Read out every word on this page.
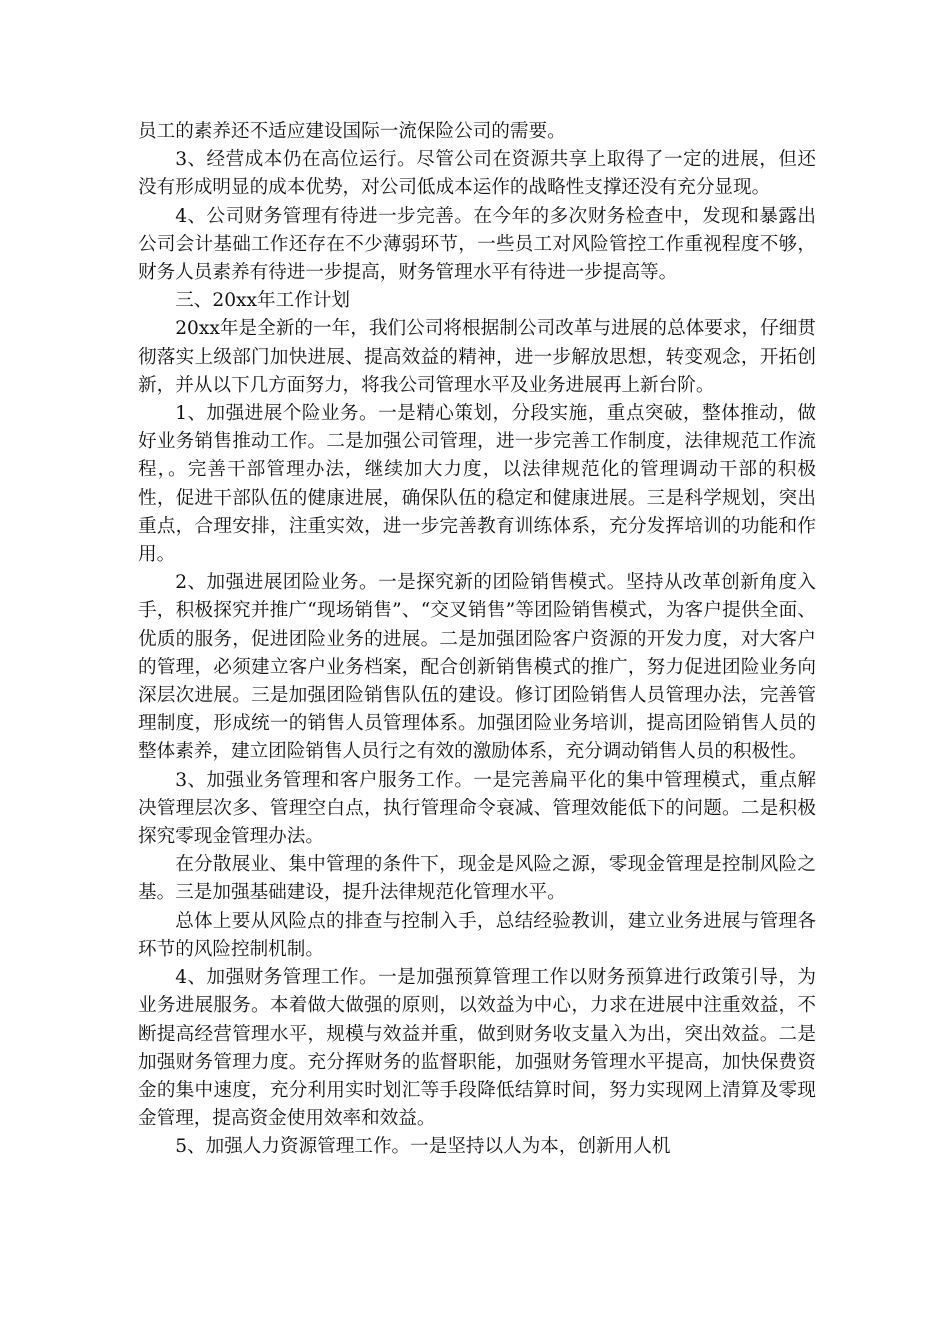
员工的素养还不适应建设国际一流保险公司的需要。

3、经营成本仍在高位运行。尽管公司在资源共享上取得了一定的进展，但还没有形成明显的成本优势，对公司低成本运作的战略性支撑还没有充分显现。

4、公司财务管理有待进一步完善。在今年的多次财务检查中，发现和暴露出公司会计基础工作还存在不少薄弱环节，一些员工对风险管控工作重视程度不够，财务人员素养有待进一步提高，财务管理水平有待进一步提高等。

三、20xx年工作计划

20xx年是全新的一年，我们公司将根据制公司改革与进展的总体要求，仔细贯彻落实上级部门加快进展、提高效益的精神，进一步解放思想，转变观念，开拓创新，并从以下几方面努力，将我公司管理水平及业务进展再上新台阶。

1、加强进展个险业务。一是精心策划，分段实施，重点突破，整体推动，做好业务销售推动工作。二是加强公司管理，进一步完善工作制度，法律规范工作流程，。完善干部管理办法，继续加大力度，以法律规范化的管理调动干部的积极性，促进干部队伍的健康进展，确保队伍的稳定和健康进展。三是科学规划，突出重点，合理安排，注重实效，进一步完善教育训练体系，充分发挥培训的功能和作用。

2、加强进展团险业务。一是探究新的团险销售模式。坚持从改革创新角度入手，积极探究并推广“现场销售”、“交叉销售”等团险销售模式，为客户提供全面、优质的服务，促进团险业务的进展。二是加强团险客户资源的开发力度，对大客户的管理，必须建立客户业务档案，配合创新销售模式的推广，努力促进团险业务向深层次进展。三是加强团险销售队伍的建设。修订团险销售人员管理办法，完善管理制度，形成统一的销售人员管理体系。加强团险业务培训，提高团险销售人员的整体素养，建立团险销售人员行之有效的激励体系，充分调动销售人员的积极性。

3、加强业务管理和客户服务工作。一是完善扁平化的集中管理模式，重点解决管理层次多、管理空白点，执行管理命令衰减、管理效能低下的问题。二是积极探究零现金管理办法。

在分散展业、集中管理的条件下，现金是风险之源，零现金管理是控制风险之基。三是加强基础建设，提升法律规范化管理水平。

总体上要从风险点的排查与控制入手，总结经验教训，建立业务进展与管理各环节的风险控制机制。

4、加强财务管理工作。一是加强预算管理工作以财务预算进行政策引导，为业务进展服务。本着做大做强的原则，以效益为中心，力求在进展中注重效益，不断提高经营管理水平，规模与效益并重，做到财务收支量入为出，突出效益。二是加强财务管理力度。充分挥财务的监督职能，加强财务管理水平提高，加快保费资金的集中速度，充分利用实时划汇等手段降低结算时间，努力实现网上清算及零现金管理，提高资金使用效率和效益。

5、加强人力资源管理工作。一是坚持以人为本，创新用人机
